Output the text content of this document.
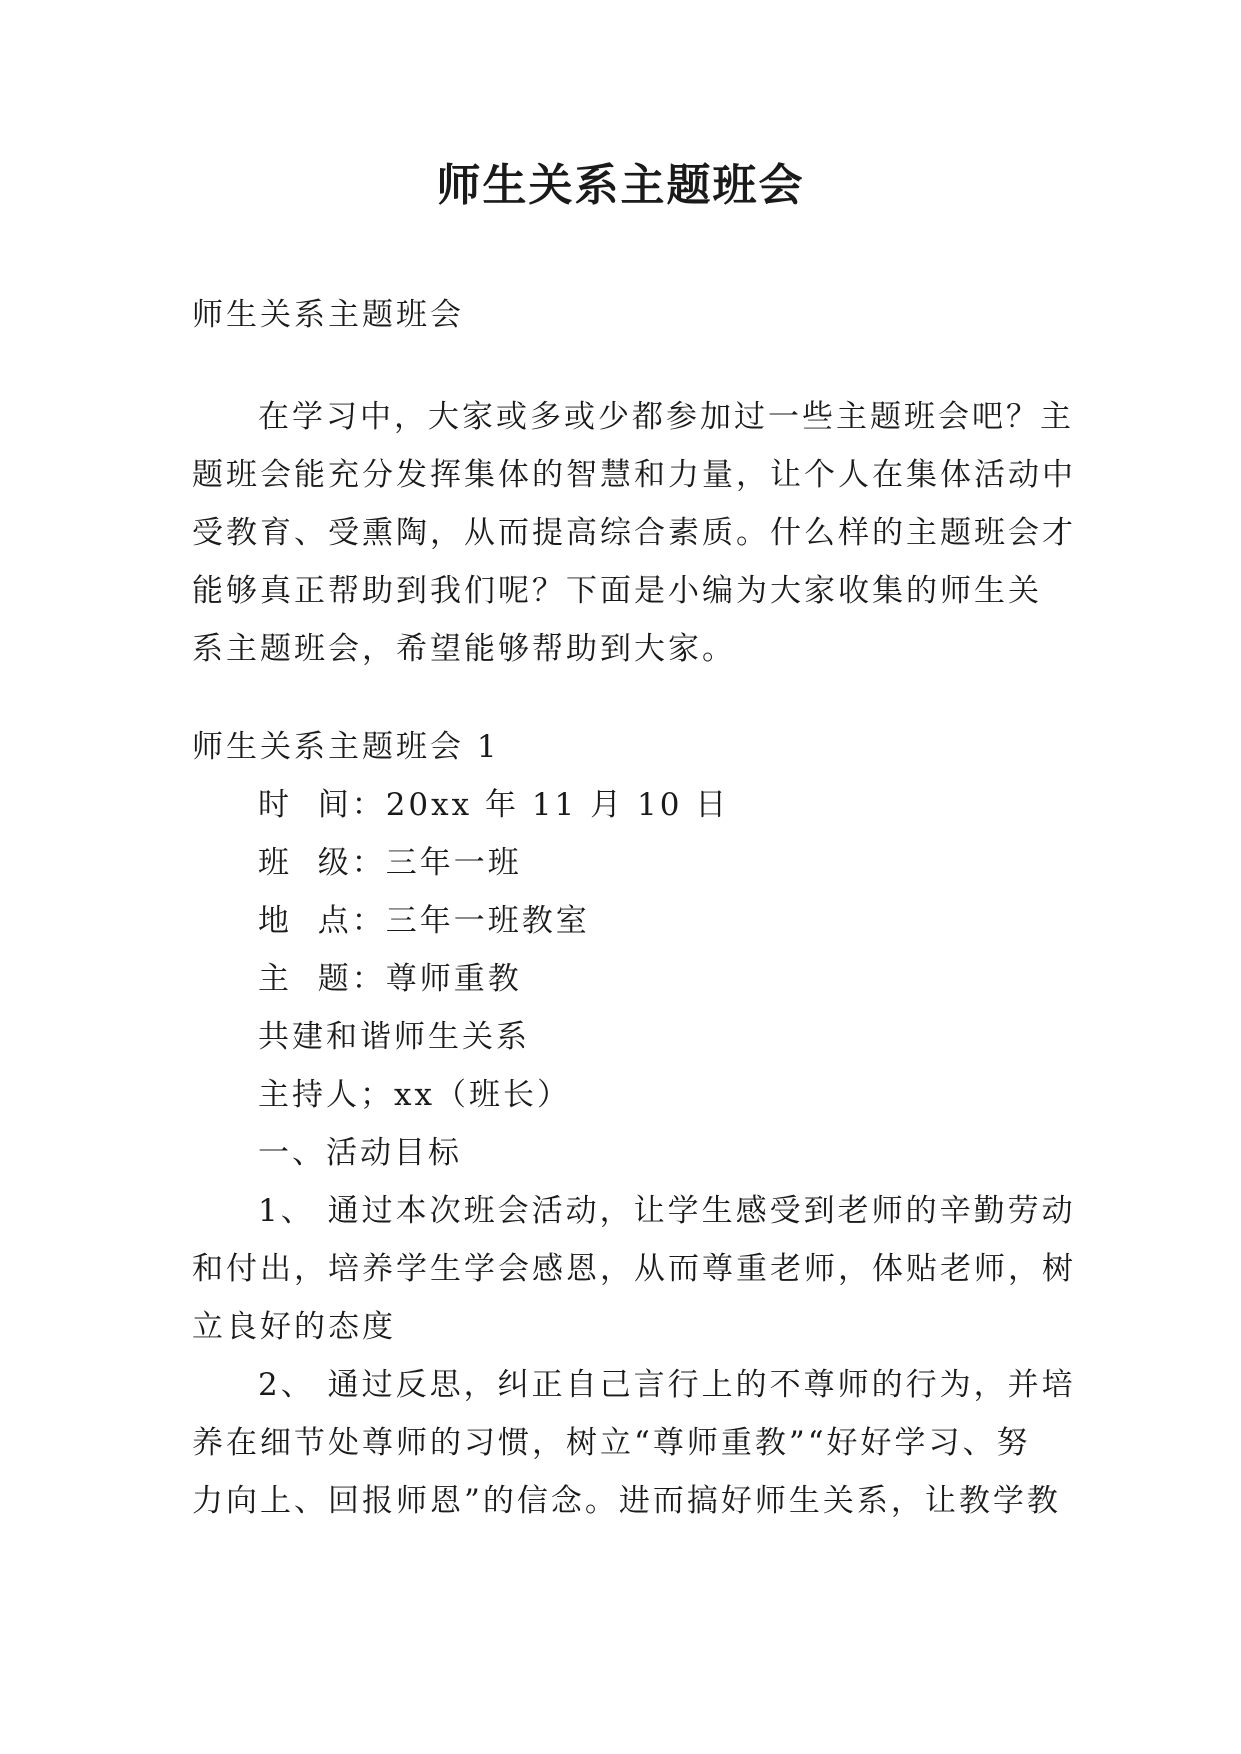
师生关系主题班会
师生关系主题班会
在学习中，大家或多或少都参加过一些主题班会吧？主
题班会能充分发挥集体的智慧和力量，让个人在集体活动中
受教育、受熏陶，从而提高综合素质。什么样的主题班会才
能够真正帮助到我们呢？下面是小编为大家收集的师生关
系主题班会，希望能够帮助到大家。
师生关系主题班会 1
时  间：20xx 年 11 月 10 日
班  级：三年一班
地  点：三年一班教室
主  题：尊师重教
共建和谐师生关系
主持人；xx（班长）
一、活动目标
1、 通过本次班会活动，让学生感受到老师的辛勤劳动
和付出，培养学生学会感恩，从而尊重老师，体贴老师，树
立良好的态度
2、 通过反思，纠正自己言行上的不尊师的行为，并培
养在细节处尊师的习惯，树立“尊师重教”“好好学习、努
力向上、回报师恩”的信念。进而搞好师生关系，让教学教
